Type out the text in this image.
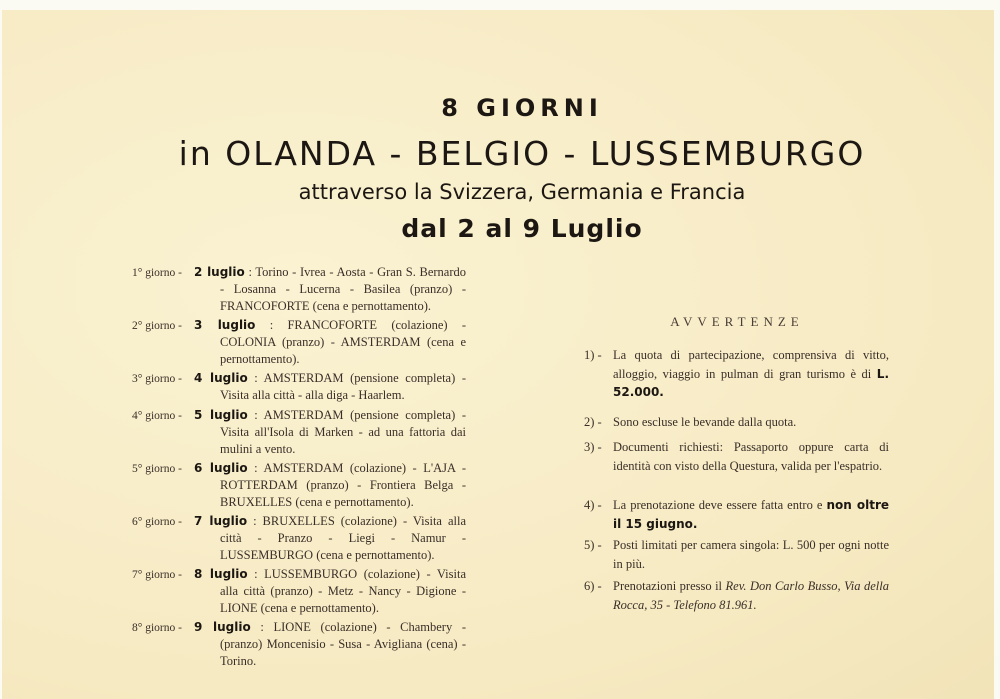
8 GIORNI
in OLANDA - BELGIO - LUSSEMBURGO
attraverso la Svizzera, Germania e Francia
dal 2 al 9 Luglio
1° giorno - 2 luglio : Torino - Ivrea - Aosta - Gran S. Bernardo - Losanna - Lucerna - Basilea (pranzo) - FRANCOFORTE (cena e pernottamento).
2° giorno - 3 luglio : FRANCOFORTE (colazione) - COLONIA (pranzo) - AMSTERDAM (cena e pernottamento).
3° giorno - 4 luglio : AMSTERDAM (pensione completa) - Visita alla città - alla diga - Haarlem.
4° giorno - 5 luglio : AMSTERDAM (pensione completa) - Visita all'Isola di Marken - ad una fattoria dai mulini a vento.
5° giorno - 6 luglio : AMSTERDAM (colazione) - L'AJA - ROTTERDAM (pranzo) - Frontiera Belga - BRUXELLES (cena e pernottamento).
6° giorno - 7 luglio : BRUXELLES (colazione) - Visita alla città - Pranzo - Liegi - Namur - LUSSEMBURGO (cena e pernottamento).
7° giorno - 8 luglio : LUSSEMBURGO (colazione) - Visita alla città (pranzo) - Metz - Nancy - Digione - LIONE (cena e pernottamento).
8° giorno - 9 luglio : LIONE (colazione) - Chambery - (pranzo) Moncenisio - Susa - Avigliana (cena) - Torino.
AVVERTENZE
1) - La quota di partecipazione, comprensiva di vitto, alloggio, viaggio in pulman di gran turismo è di L. 52.000.
2) - Sono escluse le bevande dalla quota.
3) - Documenti richiesti: Passaporto oppure carta di identità con visto della Questura, valida per l'espatrio.
4) - La prenotazione deve essere fatta entro e non oltre il 15 giugno.
5) - Posti limitati per camera singola: L. 500 per ogni notte in più.
6) - Prenotazioni presso il Rev. Don Carlo Busso, Via della Rocca, 35 - Telefono 81.961.
